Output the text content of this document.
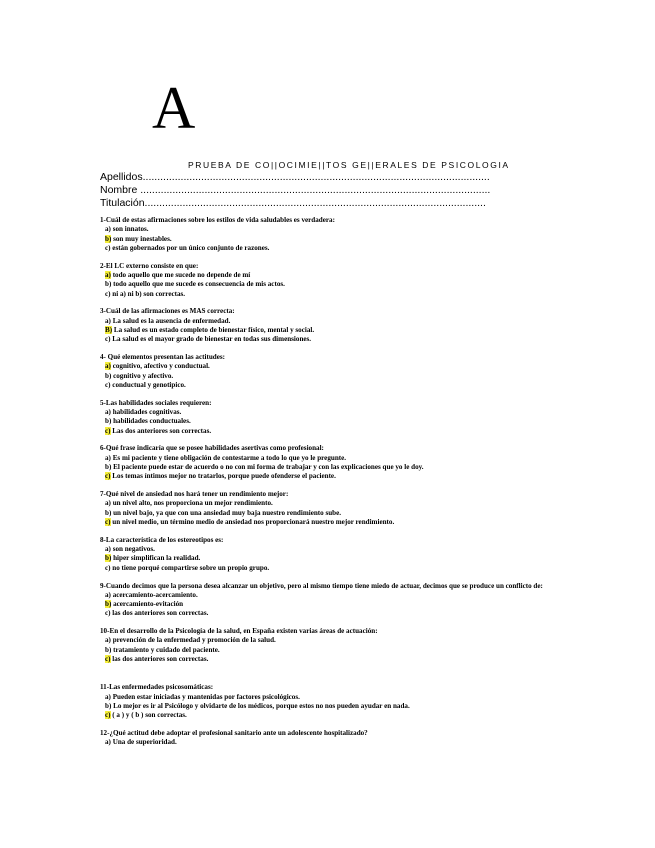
A
PRUEBA DE CO||OCIMIE||TOS GE||ERALES DE PSICOLOGIA
Apellidos.......................................................................................................................
Nombre ........................................................................................................................
Titulación.....................................................................................................................
1-Cuál de estas afirmaciones sobre los estilos de vida saludables es verdadera:
a) son innatos.
b) son muy inestables.
c) están gobernados por un único conjunto de razones.
2-El LC externo consiste en que:
a) todo aquello que me sucede no depende de mí
b) todo aquello que me sucede es consecuencia de mis actos.
c) ni a) ni b) son correctas.
3-Cuál de las afirmaciones es MAS correcta:
a) La salud es la ausencia de enfermedad.
B) La salud es un estado completo de bienestar físico, mental y social.
c) La salud es el mayor grado de bienestar en todas sus dimensiones.
4- Qué elementos presentan las actitudes:
a) cognitivo, afectivo y conductual.
b) cognitivo y afectivo.
c) conductual y genotipico.
5-Las habilidades sociales requieren:
a) habilidades cognitivas.
b) habilidades conductuales.
c) Las dos anteriores son correctas.
6-Qué frase indicaría que se posee habilidades asertivas como profesional:
a) Es mi paciente y tiene obligación de contestarme a todo lo que yo le pregunte.
b) El paciente puede estar de acuerdo o no con mi forma de trabajar y con las explicaciones que yo le doy.
c) Los temas íntimos mejor no tratarlos, porque puede ofenderse el paciente.
7-Qué nivel de ansiedad nos hará tener un rendimiento mejor:
a) un nivel alto, nos proporciona un mejor rendimiento.
b) un nivel bajo, ya que con una ansiedad muy baja nuestro rendimiento sube.
c) un nivel medio, un término medio de ansiedad nos proporcionará nuestro mejor rendimiento.
8-La característica de los estereotipos es:
a) son negativos.
b) hiper simplifican la realidad.
c) no tiene porqué compartirse sobre un propio grupo.
9-Cuando decimos que la persona desea alcanzar un objetivo, pero al mismo tiempo tiene miedo de actuar, decimos que se produce un conflicto de:
a) acercamiento-acercamiento.
b) acercamiento-evitación
c) las dos anteriores son correctas.
10-En el desarrollo de la Psicología de la salud, en España existen varias áreas de actuación:
a) prevención de la enfermedad y promoción de la salud.
b) tratamiento y cuidado del paciente.
c) las dos anteriores son correctas.
11-Las enfermedades psicosomáticas:
a) Pueden estar iniciadas y mantenidas por factores psicológicos.
b) Lo mejor es ir al Psicólogo y olvidarte de los médicos, porque estos no nos pueden ayudar en nada.
c) ( a ) y ( b ) son correctas.
12-¿Qué actitud debe adoptar el profesional sanitario ante un adolescente hospitalizado?
a) Una de superioridad.
